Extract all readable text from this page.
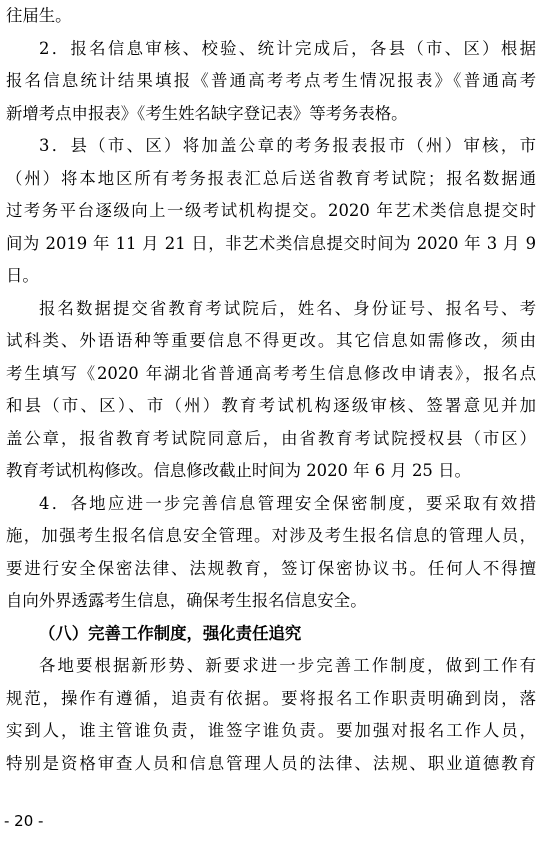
往届生。
2．报名信息审核、校验、统计完成后，各县（市、区）根据
报名信息统计结果填报《普通高考考点考生情况报表》《普通高考
新增考点申报表》《考生姓名缺字登记表》等考务表格。
3．县（市、区）将加盖公章的考务报表报市（州）审核，市
（州）将本地区所有考务报表汇总后送省教育考试院；报名数据通
过考务平台逐级向上一级考试机构提交。2020 年艺术类信息提交时
间为 2019 年 11 月 21 日，非艺术类信息提交时间为 2020 年 3 月 9
日。
报名数据提交省教育考试院后，姓名、身份证号、报名号、考
试科类、外语语种等重要信息不得更改。其它信息如需修改，须由
考生填写《2020 年湖北省普通高考考生信息修改申请表》，报名点
和县（市、区）、市（州）教育考试机构逐级审核、签署意见并加
盖公章，报省教育考试院同意后，由省教育考试院授权县（市区）
教育考试机构修改。信息修改截止时间为 2020 年 6 月 25 日。
4．各地应进一步完善信息管理安全保密制度，要采取有效措
施，加强考生报名信息安全管理。对涉及考生报名信息的管理人员，
要进行安全保密法律、法规教育，签订保密协议书。任何人不得擅
自向外界透露考生信息，确保考生报名信息安全。
（八）完善工作制度，强化责任追究
各地要根据新形势、新要求进一步完善工作制度，做到工作有
规范，操作有遵循，追责有依据。要将报名工作职责明确到岗，落
实到人，谁主管谁负责，谁签字谁负责。要加强对报名工作人员，
特别是资格审查人员和信息管理人员的法律、法规、职业道德教育
- 20 -
